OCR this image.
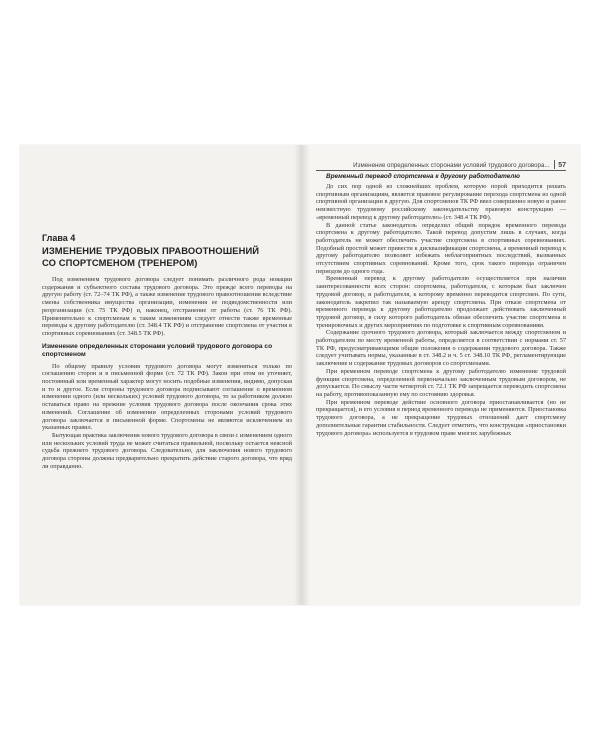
Глава 4
ИЗМЕНЕНИЕ ТРУДОВЫХ ПРАВООТНОШЕНИЙ
СО СПОРТСМЕНОМ (ТРЕНЕРОМ)

Под изменением трудового договора следует понимать различного рода новации содержания и субъектного состава трудового договора. Это прежде всего переводы на другую работу (ст. 72–74 ТК РФ), а также изменение трудового правоотношения вследствие смены собственника имущества организации, изменения ее подведомственности или реорганизации (ст. 75 ТК РФ) и, наконец, отстранение от работы (ст. 76 ТК РФ). Применительно к спортсменам к таким изменениям следует отнести также временные переводы к другому работодателю (ст. 348.4 ТК РФ) и отстранение спортсмена от участия в спортивных соревнованиях (ст. 348.5 ТК РФ).

Изменение определенных сторонами условий трудового договора со спортсменом

По общему правилу условия трудового договора могут изменяться только по соглашению сторон и в письменной форме (ст. 72 ТК РФ). Закон при этом не уточняет, постоянный или временный характер могут носить подобные изменения, видимо, допуская и то и другое. Если стороны трудового договора подписывают соглашение о временном изменении одного (или нескольких) условий трудового договора, то за работником должно оставаться право на прежние условия трудового договора после окончания срока этих изменений. Соглашение об изменении определенных сторонами условий трудового договора заключается в письменной форме. Спортсмены не являются исключением из указанных правил.

Бытующая практика заключения нового трудового договора в связи с изменением одного или нескольких условий труда не может считаться правильной, поскольку остается неясной судьба прежнего трудового договора. Следовательно, для заключения нового трудового договора стороны должны предварительно прекратить действие старого договора, что вряд ли оправданно.

Изменение определенных сторонами условий трудового договора... 57
Временный перевод спортсмена к другому работодателю

До сих пор одной из сложнейших проблем, которую порой приходится решать спортивным организациям, является правовое регулирование перехода спортсмена из одной спортивной организации в другую. Для спортсменов ТК РФ ввел совершенно новую и ранее неизвестную трудовому российскому законодательству правовую конструкцию — «временный перевод к другому работодателю» (ст. 348.4 ТК РФ).

В данной статье законодатель определил общий порядок временного перевода спортсмена к другому работодателю. Такой перевод допустим лишь в случаях, когда работодатель не может обеспечить участие спортсмена в спортивных соревнованиях. Подобный простой может привести к дисквалификации спортсмена, а временный перевод к другому работодателю позволяет избежать неблагоприятных последствий, вызванных отсутствием спортивных соревнований. Кроме того, срок такого перевода ограничен периодом до одного года.

Временный перевод к другому работодателю осуществляется при наличии заинтересованности всех сторон: спортсмена, работодателя, с которым был заключен трудовой договор, и работодателя, к которому временно переводится спортсмен. По сути, законодатель закрепил так называемую аренду спортсмена. При отказе спортсмена от временного перевода к другому работодателю продолжает действовать заключенный трудовой договор, в силу которого работодатель обязан обеспечить участие спортсмена в тренировочных и других мероприятиях по подготовке к спортивным соревнованиям.

Содержание срочного трудового договора, который заключается между спортсменом и работодателем по месту временной работы, определяется в соответствии с нормами ст. 57 ТК РФ, предусматривающими общие положения о содержании трудового договора. Также следует учитывать нормы, указанные в ст. 348.2 и ч. 5 ст. 348.10 ТК РФ, регламентирующие заключение и содержание трудовых договоров со спортсменами.

При временном переводе спортсмена к другому работодателю изменение трудовой функции спортсмена, определенной первоначально заключенным трудовым договором, не допускается. По смыслу части четвертой ст. 72.1 ТК РФ запрещается переводить спортсмена на работу, противопоказанную ему по состоянию здоровья.

При временном переводе действие основного договора приостанавливается (но не прекращается), и его условия в период временного перевода не применяются. Приостановка трудового договора, а не прекращение трудовых отношений дает спортсмену дополнительные гарантии стабильности. Следует отметить, что конструкция «приостановки трудового договора» используется в трудовом праве многих зарубежных
